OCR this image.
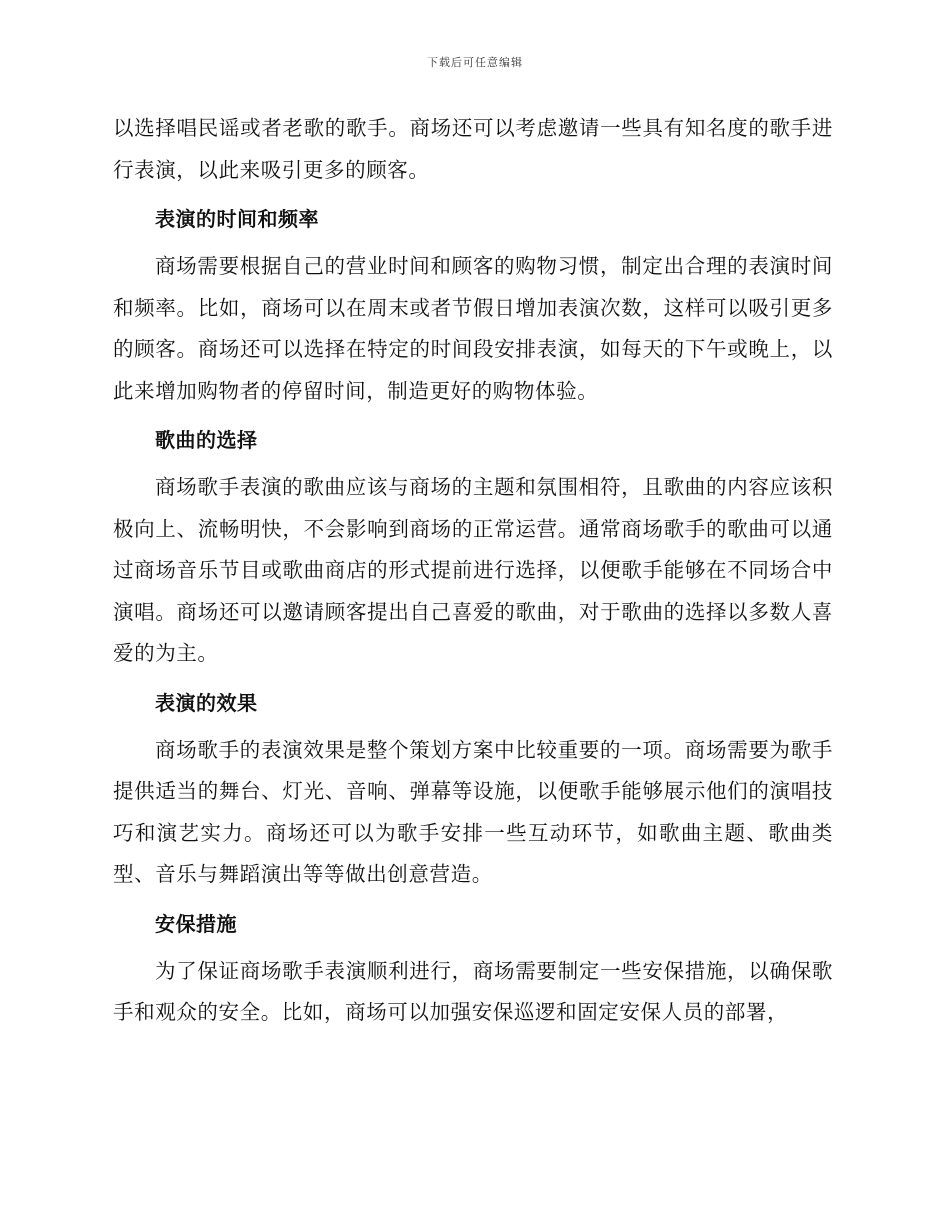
下载后可任意编辑

以选择唱民谣或者老歌的歌手。商场还可以考虑邀请一些具有知名度的歌手进行表演，以此来吸引更多的顾客。

表演的时间和频率

商场需要根据自己的营业时间和顾客的购物习惯，制定出合理的表演时间和频率。比如，商场可以在周末或者节假日增加表演次数，这样可以吸引更多的顾客。商场还可以选择在特定的时间段安排表演，如每天的下午或晚上，以此来增加购物者的停留时间，制造更好的购物体验。

歌曲的选择

商场歌手表演的歌曲应该与商场的主题和氛围相符，且歌曲的内容应该积极向上、流畅明快，不会影响到商场的正常运营。通常商场歌手的歌曲可以通过商场音乐节目或歌曲商店的形式提前进行选择，以便歌手能够在不同场合中演唱。商场还可以邀请顾客提出自己喜爱的歌曲，对于歌曲的选择以多数人喜爱的为主。

表演的效果

商场歌手的表演效果是整个策划方案中比较重要的一项。商场需要为歌手提供适当的舞台、灯光、音响、弹幕等设施，以便歌手能够展示他们的演唱技巧和演艺实力。商场还可以为歌手安排一些互动环节，如歌曲主题、歌曲类型、音乐与舞蹈演出等等做出创意营造。

安保措施

为了保证商场歌手表演顺利进行，商场需要制定一些安保措施，以确保歌手和观众的安全。比如，商场可以加强安保巡逻和固定安保人员的部署，
